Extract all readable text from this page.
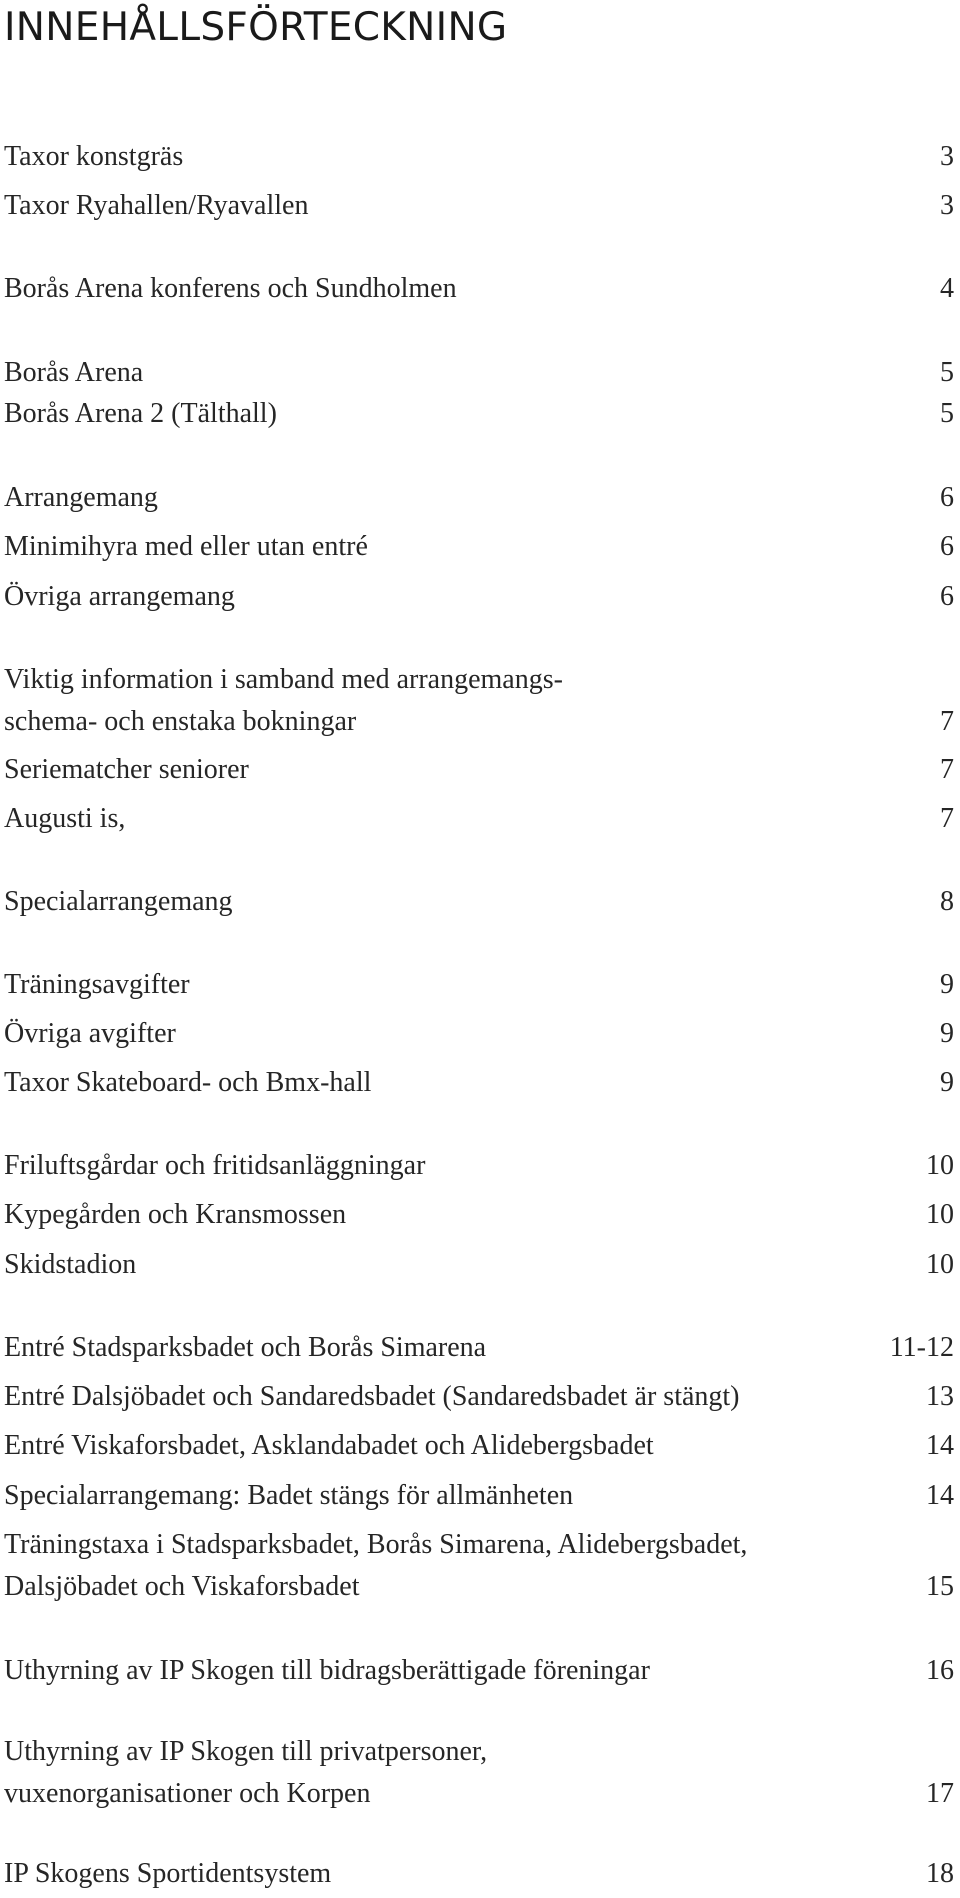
INNEHÅLLSFÖRTECKNING
Taxor konstgräs	3
Taxor Ryahallen/Ryavallen	3
Borås Arena konferens och Sundholmen	4
Borås Arena	5
Borås Arena 2 (Tälthall)	5
Arrangemang	6
Minimihyra med eller utan entré	6
Övriga arrangemang	6
Viktig information i samband med arrangemangs-
schema- och enstaka bokningar	7
Seriematcher seniorer	7
Augusti is,	7
Specialarrangemang	8
Träningsavgifter	9
Övriga avgifter	9
Taxor Skateboard- och Bmx-hall	9
Friluftsgårdar och fritidsanläggningar	10
Kypegården och Kransmossen	10
Skidstadion	10
Entré Stadsparksbadet och Borås Simarena	11-12
Entré Dalsjöbadet och Sandaredsbadet (Sandaredsbadet är stängt)	13
Entré Viskaforsbadet, Asklandabadet och Alidebergsbadet	14
Specialarrangemang: Badet stängs för allmänheten	14
Träningstaxa i Stadsparksbadet, Borås Simarena, Alidebergsbadet,
Dalsjöbadet och Viskaforsbadet	15
Uthyrning av IP Skogen till bidragsberättigade föreningar	16
Uthyrning av IP Skogen till privatpersoner,
vuxenorganisationer och Korpen	17
IP Skogens Sportidentsystem	18
